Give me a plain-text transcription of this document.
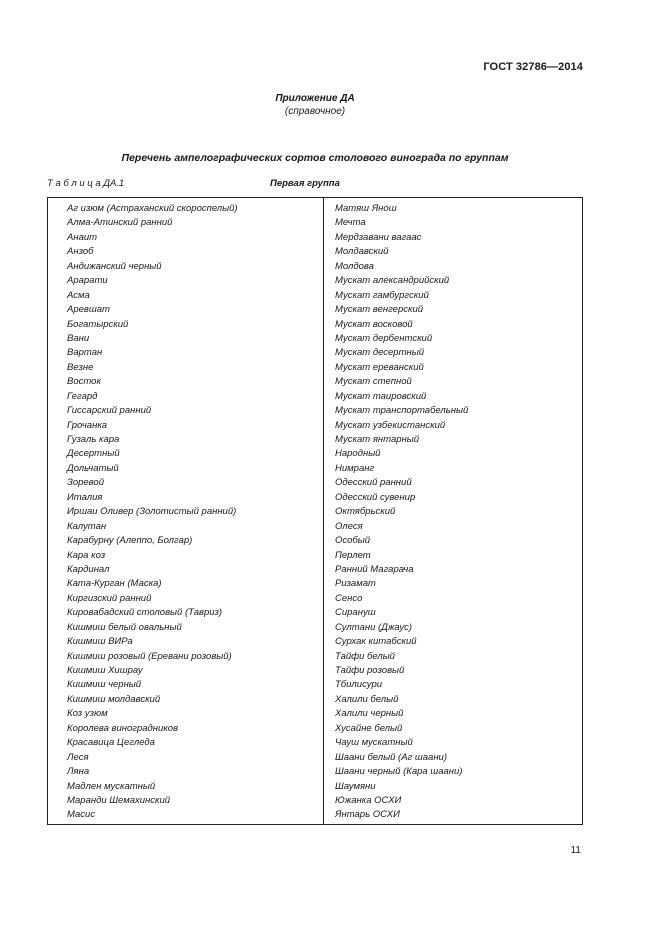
ГОСТ 32786—2014
Приложение ДА
(справочное)
Перечень ампелографических сортов столового винограда по группам
Т а б л и ц а ДА.1	Первая группа
Аг изюм (Астраханский скороспелый)
Алма-Атинский ранний
Анаит
Анзоб
Андижанский черный
Арарати
Асма
Аревшат
Богатырский
Вани
Вартан
Везне
Восток
Гегард
Гиссарский ранний
Грочанка
Гузаль кара
Десертный
Дольчатый
Зоревой
Италия
Иршаи Оливер (Золотистый ранний)
Калутан
Карабурну (Алеппо, Болгар)
Кара коз
Кардинал
Ката-Курган (Маска)
Киргизский ранний
Кировабадский столовый (Тавриз)
Кишмиш белый овальный
Кишмиш ВИРа
Кишмиш розовый (Еревани розовый)
Кишмиш Хишрау
Кишмиш черный
Кишмиш молдавский
Коз узюм
Королева виноградников
Красавица Цегледа
Леся
Ляна
Мадлен мускатный
Маранди Шемахинский
Масис
Матяш Янош
Мечта
Мердзавани вагаас
Молдавский
Молдова
Мускат александрийский
Мускат гамбургский
Мускат венгерский
Мускат восковой
Мускат дербентский
Мускат десертный
Мускат ереванский
Мускат степной
Мускат таировский
Мускат транспортабельный
Мускат узбекистанский
Мускат янтарный
Народный
Нимранг
Одесский ранний
Одесский сувенир
Октябрьский
Олеся
Особый
Перлет
Ранний Магарача
Ризамат
Сенсо
Сирануш
Султани (Джаус)
Сурхак китабский
Тайфи белый
Тайфи розовый
Тбилисури
Халили белый
Халили черный
Хусайне белый
Чауш мускатный
Шаани белый (Аг шаани)
Шаани черный (Кара шаани)
Шаумяни
Южанка ОСХИ
Янтарь ОСХИ
11
